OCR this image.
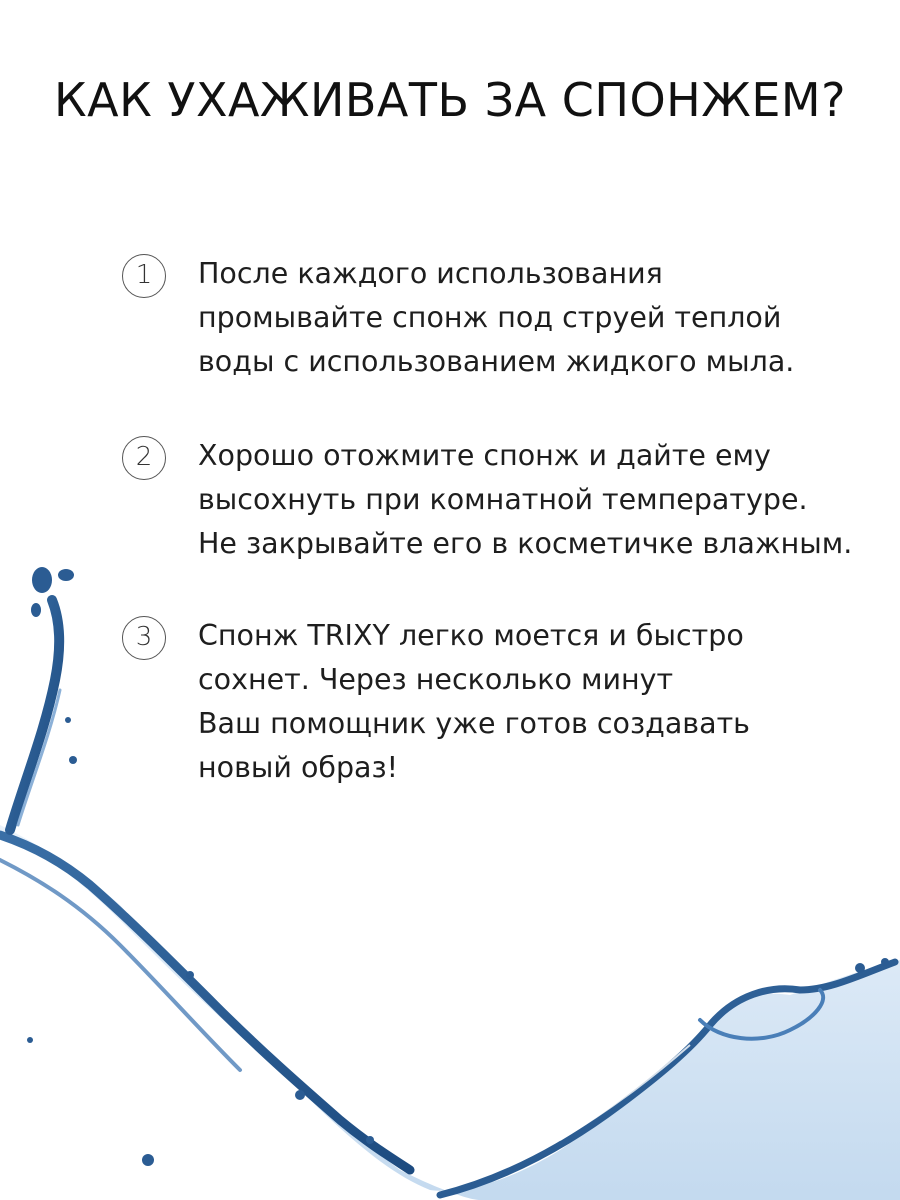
КАК УХАЖИВАТЬ ЗА СПОНЖЕМ?
1	После каждого использования
промывайте спонж под струей теплой
воды с использованием жидкого мыла.
2	Хорошо отожмите спонж и дайте ему
высохнуть при комнатной температуре.
Не закрывайте его в косметичке влажным.
3	Спонж TRIXY легко моется и быстро
сохнет. Через несколько минут
Ваш помощник уже готов создавать
новый образ!
